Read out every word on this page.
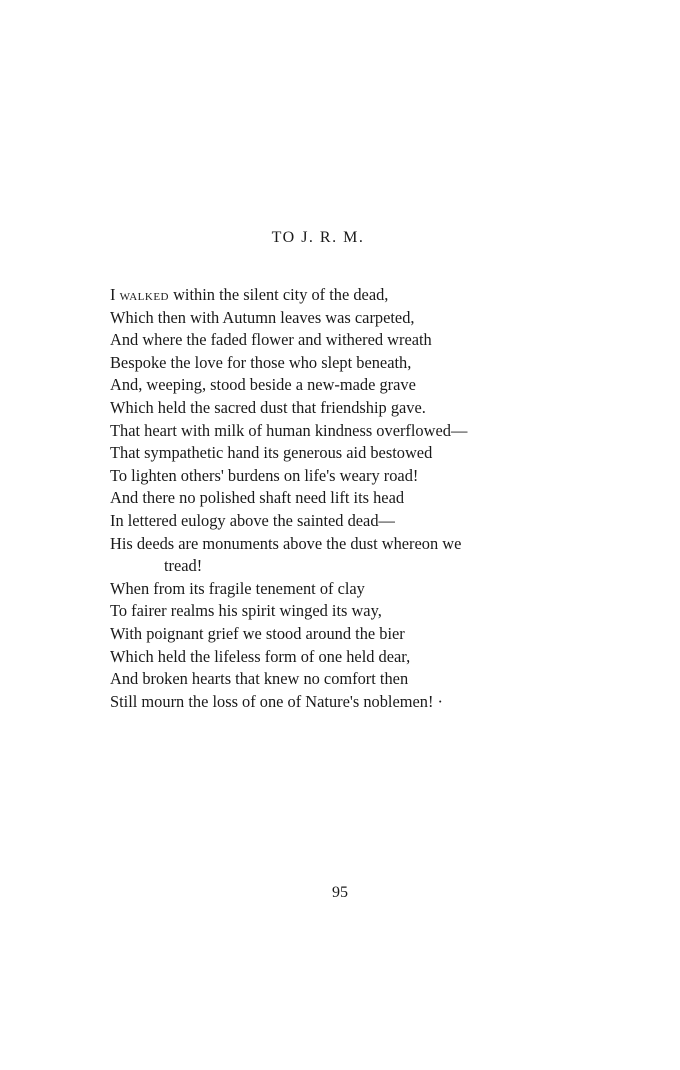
TO J. R. M.
I walked within the silent city of the dead,
Which then with Autumn leaves was carpeted,
And where the faded flower and withered wreath
Bespoke the love for those who slept beneath,
And, weeping, stood beside a new-made grave
Which held the sacred dust that friendship gave.
That heart with milk of human kindness overflowed—
That sympathetic hand its generous aid bestowed
To lighten others' burdens on life's weary road!
And there no polished shaft need lift its head
In lettered eulogy above the sainted dead—
His deeds are monuments above the dust whereon we
tread!
When from its fragile tenement of clay
To fairer realms his spirit winged its way,
With poignant grief we stood around the bier
Which held the lifeless form of one held dear,
And broken hearts that knew no comfort then
Still mourn the loss of one of Nature's noblemen! ·
95
